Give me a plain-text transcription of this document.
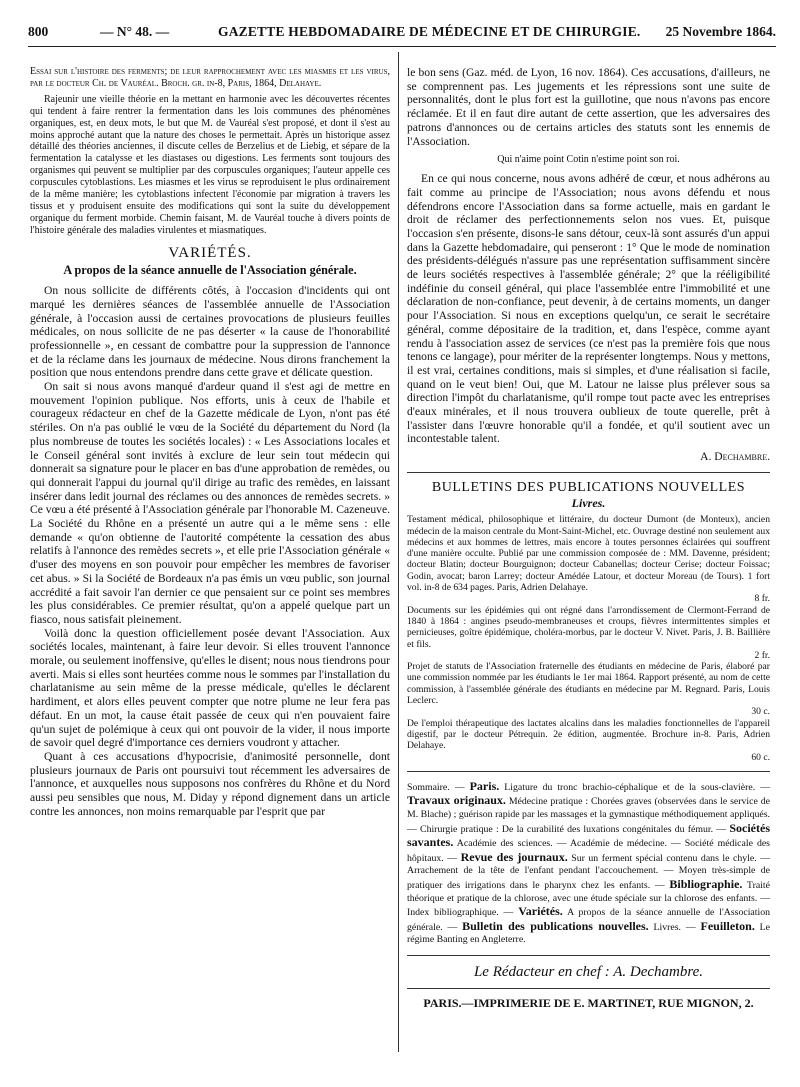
800	— N° 48. —	GAZETTE HEBDOMADAIRE DE MÉDECINE ET DE CHIRURGIE. 25 Novembre 1864.

Essai sur l'histoire des ferments; de leur rapprochement avec les miasmes et les virus, par le docteur Ch. de Vauréal. Broch. gr. in-8, Paris, 1864, Delahaye.

Rajeunir une vieille théorie en la mettant en harmonie avec les découvertes récentes qui tendent à faire rentrer la fermentation dans les lois communes des phénomènes organiques, est, en deux mots, le but que M. de Vauréal s'est proposé, et dont il s'est au moins approché autant que la nature des choses le permettait. Après un historique assez détaillé des théories anciennes, il discute celles de Berzelius et de Liebig, et sépare de la fermentation la catalysse et les diastases ou digestions. Les ferments sont toujours des organismes qui peuvent se multiplier par des corpuscules organiques; l'auteur appelle ces corpuscules cytoblastions. Les miasmes et les virus se reproduisent le plus ordinairement de la même manière; les cytoblastions infectent l'économie par migration à travers les tissus et y produisent ensuite des modifications qui sont la suite du développement organique du ferment morbide. Chemin faisant, M. de Vauréal touche à divers points de l'histoire générale des maladies virulentes et miasmatiques.

VARIÉTÉS.
A propos de la séance annuelle de l'Association générale.

On nous sollicite de différents côtés, à l'occasion d'incidents qui ont marqué les dernières séances de l'assemblée annuelle de l'Association générale, à l'occasion aussi de certaines provocations de plusieurs feuilles médicales, on nous sollicite de ne pas déserter « la cause de l'honorabilité professionnelle », en cessant de combattre pour la suppression de l'annonce et de la réclame dans les journaux de médecine. Nous dirons franchement la position que nous entendons prendre dans cette grave et délicate question.

On sait si nous avons manqué d'ardeur quand il s'est agi de mettre en mouvement l'opinion publique. Nos efforts, unis à ceux de l'habile et courageux rédacteur en chef de la Gazette médicale de Lyon, n'ont pas été stériles. On n'a pas oublié le vœu de la Société du département du Nord (la plus nombreuse de toutes les sociétés locales) : « Les Associations locales et le Conseil général sont invités à exclure de leur sein tout médecin qui donnerait sa signature pour le placer en bas d'une approbation de remèdes, ou qui donnerait l'appui du journal qu'il dirige au trafic des remèdes, en laissant insérer dans ledit journal des réclames ou des annonces de remèdes secrets. » Ce vœu a été présenté à l'Association générale par l'honorable M. Cazeneuve. La Société du Rhône en a présenté un autre qui a le même sens : elle demande « qu'on obtienne de l'autorité compétente la cessation des abus relatifs à l'annonce des remèdes secrets », et elle prie l'Association générale « d'user des moyens en son pouvoir pour empêcher les membres de favoriser cet abus. » Si la Société de Bordeaux n'a pas émis un vœu public, son journal accrédité a fait savoir l'an dernier ce que pensaient sur ce point ses membres les plus considérables. Ce premier résultat, qu'on a appelé quelque part un fiasco, nous satisfait pleinement.

Voilà donc la question officiellement posée devant l'Association. Aux sociétés locales, maintenant, à faire leur devoir. Si elles trouvent l'annonce morale, ou seulement inoffensive, qu'elles le disent; nous nous tiendrons pour averti. Mais si elles sont heurtées comme nous le sommes par l'installation du charlatanisme au sein même de la presse médicale, qu'elles le déclarent hardiment, et alors elles peuvent compter que notre plume ne leur fera pas défaut. En un mot, la cause était passée de ceux qui n'en pouvaient faire qu'un sujet de polémique à ceux qui ont pouvoir de la vider, il nous importe de savoir quel degré d'importance ces derniers voudront y attacher.

Quant à ces accusations d'hypocrisie, d'animosité personnelle, dont plusieurs journaux de Paris ont poursuivi tout récemment les adversaires de l'annonce, et auxquelles nous supposons nos confrères du Rhône et du Nord aussi peu sensibles que nous, M. Diday y répond dignement dans un article contre les annonces, non moins remarquable par l'esprit que par

le bon sens (Gaz. méd. de Lyon, 16 nov. 1864). Ces accusations, d'ailleurs, ne se comprennent pas. Les jugements et les répressions sont une suite de personnalités, dont le plus fort est la guillotine, que nous n'avons pas encore réclamée. Et il en faut dire autant de cette assertion, que les adversaires des patrons d'annonces ou de certains articles des statuts sont les ennemis de l'Association.

Qui n'aime point Cotin n'estime point son roi.

En ce qui nous concerne, nous avons adhéré de cœur, et nous adhérons au fait comme au principe de l'Association; nous avons défendu et nous défendrons encore l'Association dans sa forme actuelle, mais en gardant le droit de réclamer des perfectionnements selon nos vues. Et, puisque l'occasion s'en présente, disons-le sans détour, ceux-là sont assurés d'un appui dans la Gazette hebdomadaire, qui penseront : 1° Que le mode de nomination des présidents-délégués n'assure pas une représentation suffisamment sincère de leurs sociétés respectives à l'assemblée générale; 2° que la rééligibilité indéfinie du conseil général, qui place l'assemblée entre l'immobilité et une déclaration de non-confiance, peut devenir, à de certains moments, un danger pour l'Association. Si nous en exceptions quelqu'un, ce serait le secrétaire général, comme dépositaire de la tradition, et, dans l'espèce, comme ayant rendu à l'association assez de services (ce n'est pas la première fois que nous tenons ce langage), pour mériter de la représenter longtemps. Nous y mettons, il est vrai, certaines conditions, mais si simples, et d'une réalisation si facile, quand on le veut bien! Oui, que M. Latour ne laisse plus prélever sous sa direction l'impôt du charlatanisme, qu'il rompe tout pacte avec les entreprises d'eaux minérales, et il nous trouvera oublieux de toute querelle, prêt à l'assister dans l'œuvre honorable qu'il a fondée, et qu'il soutient avec un incontestable talent.

A. Dechambre.

BULLETINS DES PUBLICATIONS NOUVELLES
Livres.

Testament médical, philosophique et littéraire, du docteur Dumont (de Monteux), ancien médecin de la maison centrale du Mont-Saint-Michel, etc. Ouvrage destiné non seulement aux médecins et aux hommes de lettres, mais encore à toutes personnes éclairées qui souffrent d'une manière occulte. Publié par une commission composée de : MM. Davenne, président; docteur Blatin; docteur Bourguignon; docteur Cabanellas; docteur Cerise; docteur Foissac; Godin, avocat; baron Larrey; docteur Amédée Latour, et docteur Moreau (de Tours). 1 fort vol. in-8 de 634 pages. Paris, Adrien Delahaye.

8 fr.

Documents sur les épidémies qui ont régné dans l'arrondissement de Clermont-Ferrand de 1840 à 1864 : angines pseudo-membraneuses et croups, fièvres intermittentes simples et pernicieuses, goître épidémique, choléra-morbus, par le docteur V. Nivet. Paris, J. B. Baillière et fils.

2 fr.

Projet de statuts de l'Association fraternelle des étudiants en médecine de Paris, élaboré par une commission nommée par les étudiants le 1er mai 1864. Rapport présenté, au nom de cette commission, à l'assemblée générale des étudiants en médecine par M. Regnard. Paris, Louis Leclerc.

30 c.

De l'emploi thérapeutique des lactates alcalins dans les maladies fonctionnelles de l'appareil digestif, par le docteur Pétrequin. 2e édition, augmentée. Brochure in-8. Paris, Adrien Delahaye.

60 c.

Sommaire. — Paris. Ligature du tronc brachio-céphalique et de la sous-clavière. — Travaux originaux. Médecine pratique : Chorées graves (observées dans le service de M. Blache) ; guérison rapide par les massages et la gymnastique méthodiquement appliqués. — Chirurgie pratique : De la curabilité des luxations congénitales du fémur. — Sociétés savantes. Académie des sciences. — Académie de médecine. — Société médicale des hôpitaux. — Revue des journaux. Sur un ferment spécial contenu dans le chyle. — Arrachement de la tête de l'enfant pendant l'accouchement. — Moyen très-simple de pratiquer des irrigations dans le pharynx chez les enfants. — Bibliographie. Traité théorique et pratique de la chlorose, avec une étude spéciale sur la chlorose des enfants. — Index bibliographique. — Variétés. A propos de la séance annuelle de l'Association générale. — Bulletin des publications nouvelles. Livres. — Feuilleton. Le régime Banting en Angleterre.

Le Rédacteur en chef : A. Dechambre.
PARIS.—IMPRIMERIE DE E. MARTINET, RUE MIGNON, 2.
